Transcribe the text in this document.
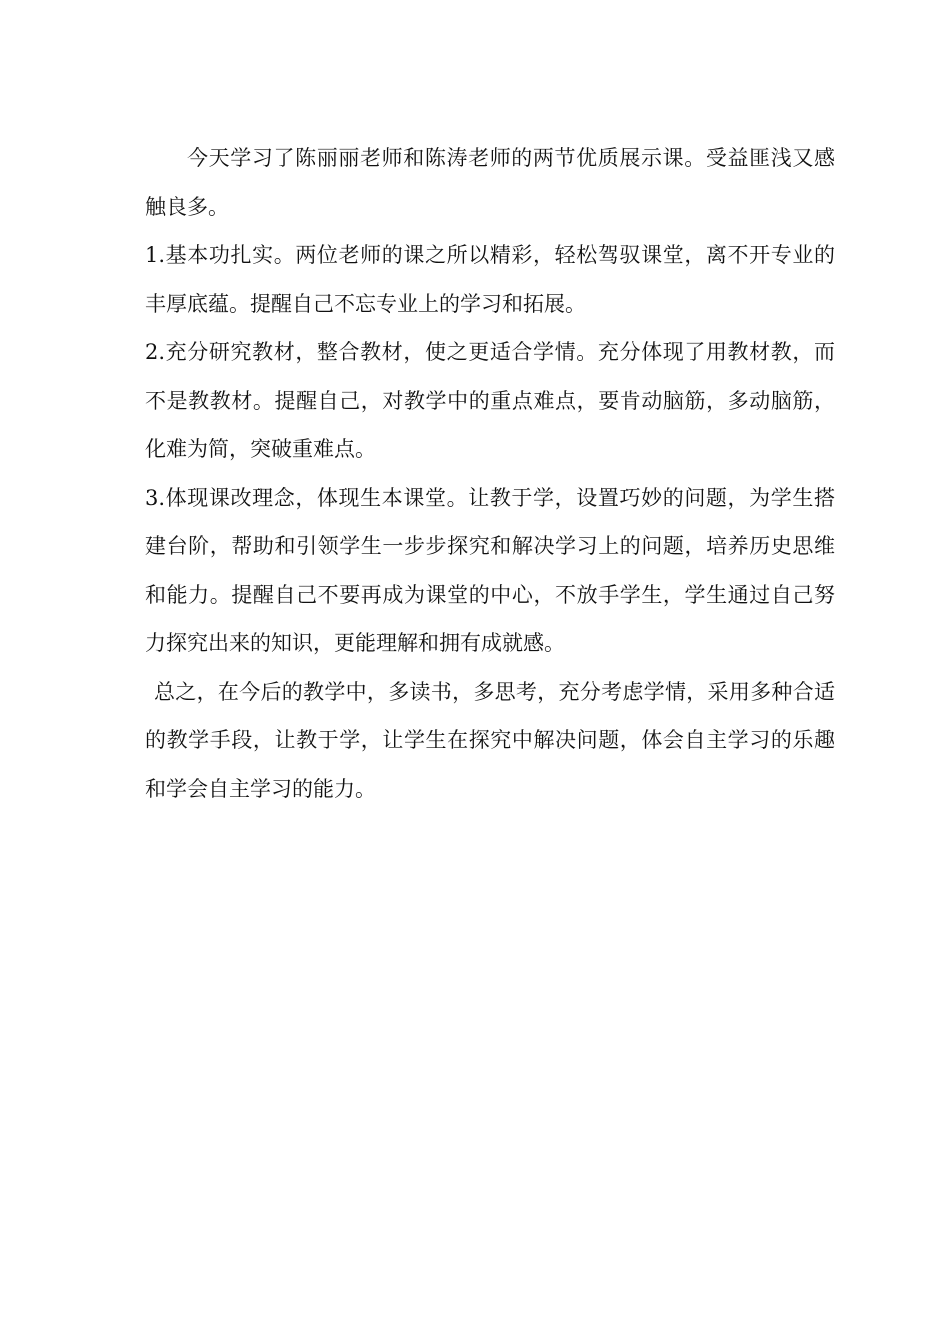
今天学习了陈丽丽老师和陈涛老师的两节优质展示课。受益匪浅又感触良多。

1.基本功扎实。两位老师的课之所以精彩，轻松驾驭课堂，离不开专业的丰厚底蕴。提醒自己不忘专业上的学习和拓展。

2.充分研究教材，整合教材，使之更适合学情。充分体现了用教材教，而不是教教材。提醒自己，对教学中的重点难点，要肯动脑筋，多动脑筋，化难为简，突破重难点。

3.体现课改理念，体现生本课堂。让教于学，设置巧妙的问题，为学生搭建台阶，帮助和引领学生一步步探究和解决学习上的问题，培养历史思维和能力。提醒自己不要再成为课堂的中心，不放手学生，学生通过自己努力探究出来的知识，更能理解和拥有成就感。

总之，在今后的教学中，多读书，多思考，充分考虑学情，采用多种合适的教学手段，让教于学，让学生在探究中解决问题，体会自主学习的乐趣和学会自主学习的能力。
